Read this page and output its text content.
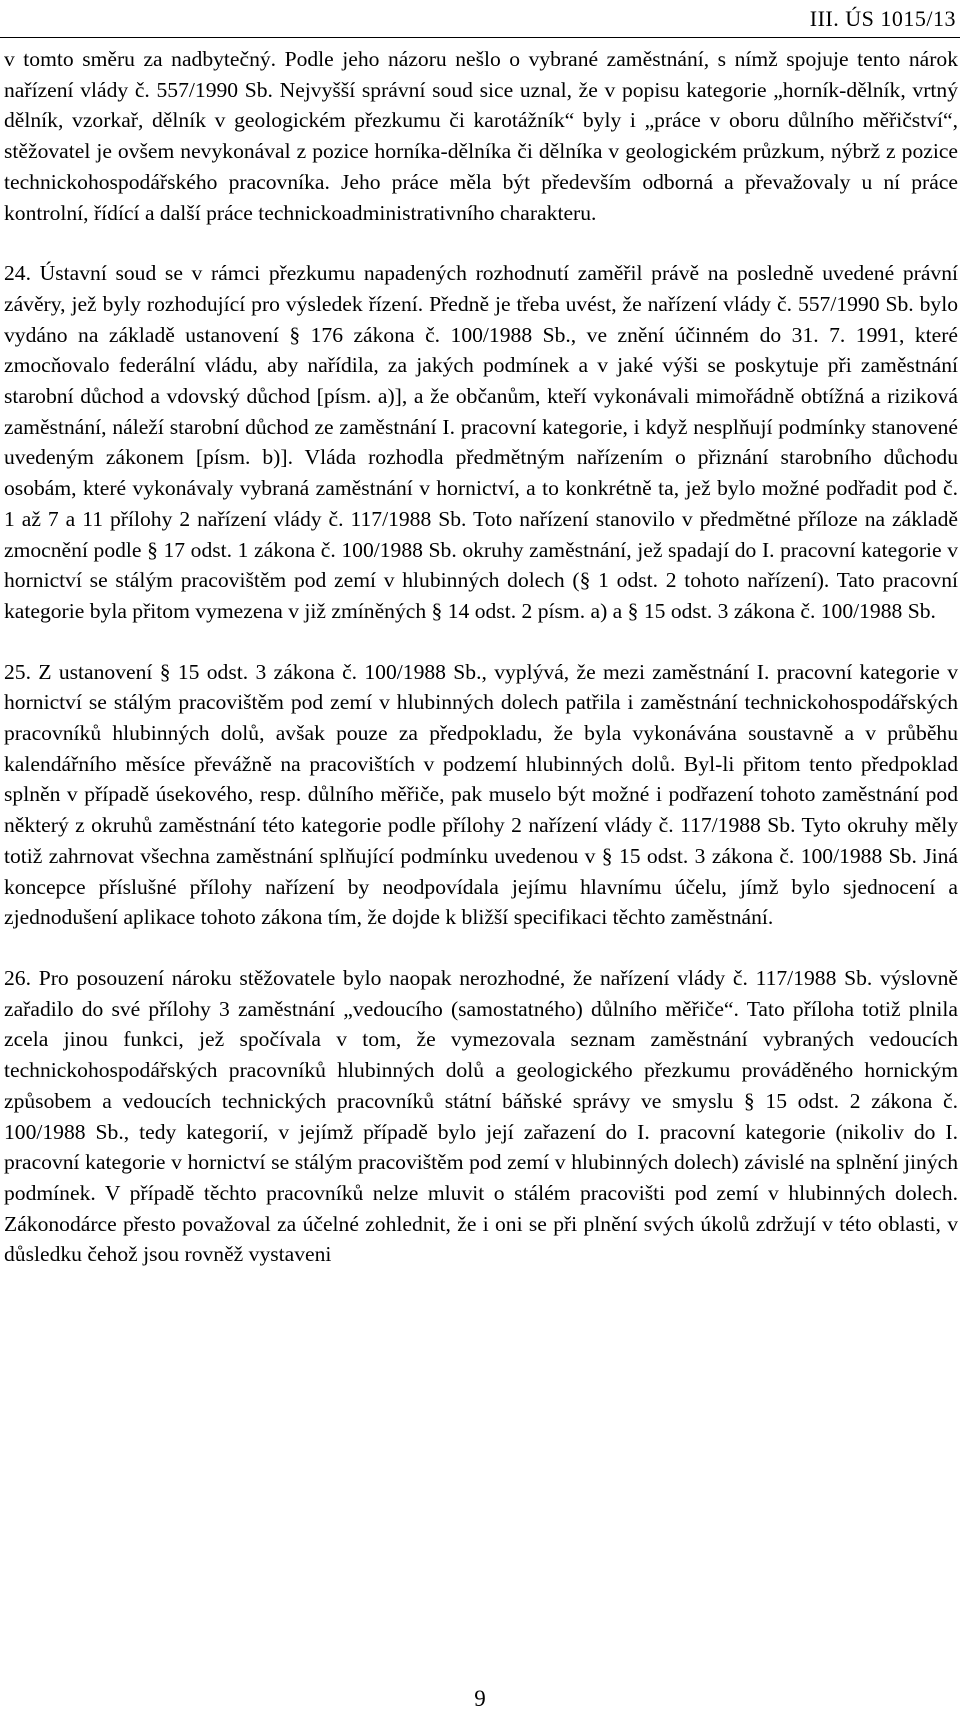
III. ÚS 1015/13

v tomto směru za nadbytečný. Podle jeho názoru nešlo o vybrané zaměstnání, s nímž spojuje tento nárok nařízení vlády č. 557/1990 Sb. Nejvyšší správní soud sice uznal, že v popisu kategorie „horník-dělník, vrtný dělník, vzorkař, dělník v geologickém přezkumu či karotážník“ byly i „práce v oboru důlního měřičství“, stěžovatel je ovšem nevykonával z pozice horníka-dělníka či dělníka v geologickém průzkum, nýbrž z pozice technickohospodářského pracovníka. Jeho práce měla být především odborná a převažovaly u ní práce kontrolní, řídící a další práce technickoadministrativního charakteru.

24. Ústavní soud se v rámci přezkumu napadených rozhodnutí zaměřil právě na posledně uvedené právní závěry, jež byly rozhodující pro výsledek řízení. Předně je třeba uvést, že nařízení vlády č. 557/1990 Sb. bylo vydáno na základě ustanovení § 176 zákona č. 100/1988 Sb., ve znění účinném do 31. 7. 1991, které zmocňovalo federální vládu, aby nařídila, za jakých podmínek a v jaké výši se poskytuje při zaměstnání starobní důchod a vdovský důchod [písm. a)], a že občanům, kteří vykonávali mimořádně obtížná a riziková zaměstnání, náleží starobní důchod ze zaměstnání I. pracovní kategorie, i když nesplňují podmínky stanovené uvedeným zákonem [písm. b)]. Vláda rozhodla předmětným nařízením o přiznání starobního důchodu osobám, které vykonávaly vybraná zaměstnání v hornictví, a to konkrétně ta, jež bylo možné podřadit pod č. 1 až 7 a 11 přílohy 2 nařízení vlády č. 117/1988 Sb. Toto nařízení stanovilo v předmětné příloze na základě zmocnění podle § 17 odst. 1 zákona č. 100/1988 Sb. okruhy zaměstnání, jež spadají do I. pracovní kategorie v hornictví se stálým pracovištěm pod zemí v hlubinných dolech (§ 1 odst. 2 tohoto nařízení). Tato pracovní kategorie byla přitom vymezena v již zmíněných § 14 odst. 2 písm. a) a § 15 odst. 3 zákona č. 100/1988 Sb.

25. Z ustanovení § 15 odst. 3 zákona č. 100/1988 Sb., vyplývá, že mezi zaměstnání I. pracovní kategorie v hornictví se stálým pracovištěm pod zemí v hlubinných dolech patřila i zaměstnání technickohospodářských pracovníků hlubinných dolů, avšak pouze za předpokladu, že byla vykonávána soustavně a v průběhu kalendářního měsíce převážně na pracovištích v podzemí hlubinných dolů. Byl-li přitom tento předpoklad splněn v případě úsekového, resp. důlního měřiče, pak muselo být možné i podřazení tohoto zaměstnání pod některý z okruhů zaměstnání této kategorie podle přílohy 2 nařízení vlády č. 117/1988 Sb. Tyto okruhy měly totiž zahrnovat všechna zaměstnání splňující podmínku uvedenou v § 15 odst. 3 zákona č. 100/1988 Sb. Jiná koncepce příslušné přílohy nařízení by neodpovídala jejímu hlavnímu účelu, jímž bylo sjednocení a zjednodušení aplikace tohoto zákona tím, že dojde k bližší specifikaci těchto zaměstnání.

26. Pro posouzení nároku stěžovatele bylo naopak nerozhodné, že nařízení vlády č. 117/1988 Sb. výslovně zařadilo do své přílohy 3 zaměstnání „vedoucího (samostatného) důlního měřiče“. Tato příloha totiž plnila zcela jinou funkci, jež spočívala v tom, že vymezovala seznam zaměstnání vybraných vedoucích technickohospodářských pracovníků hlubinných dolů a geologického přezkumu prováděného hornickým způsobem a vedoucích technických pracovníků státní báňské správy ve smyslu § 15 odst. 2 zákona č. 100/1988 Sb., tedy kategorií, v jejímž případě bylo její zařazení do I. pracovní kategorie (nikoliv do I. pracovní kategorie v hornictví se stálým pracovištěm pod zemí v hlubinných dolech) závislé na splnění jiných podmínek. V případě těchto pracovníků nelze mluvit o stálém pracovišti pod zemí v hlubinných dolech. Zákonodárce přesto považoval za účelné zohlednit, že i oni se při plnění svých úkolů zdržují v této oblasti, v důsledku čehož jsou rovněž vystaveni

9
